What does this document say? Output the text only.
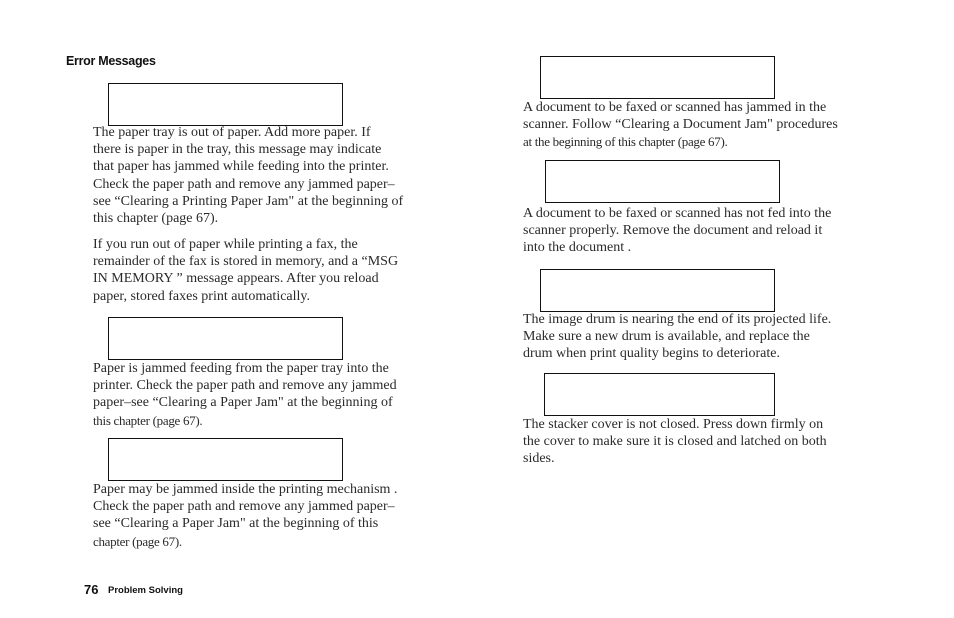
Error Messages
The paper tray is out of paper. Add more paper. If
there is paper in the tray, this message may indicate
that paper has jammed while feeding into the printer.
Check the paper path and remove any jammed paper–
see “Clearing a Printing Paper Jam" at the beginning of
this chapter (page 67).
If you run out of paper while printing a fax, the
remainder of the fax is stored in memory, and a “MSG
IN MEMORY ” message appears. After you reload
paper, stored faxes print automatically.
Paper is jammed feeding from the paper tray into the
printer. Check the paper path and remove any jammed
paper–see “Clearing a Paper Jam" at the beginning of
this chapter (page 67).
Paper may be jammed inside the printing mechanism .
Check the paper path and remove any jammed paper–
see “Clearing a Paper Jam" at the beginning of this
chapter (page 67).
A document to be faxed or scanned has jammed in the
scanner. Follow “Clearing a Document Jam" procedures
at the beginning of this chapter (page 67).
A document to be faxed or scanned has not fed into the
scanner properly. Remove the document and reload it
into the document .
The image drum is nearing the end of its projected life.
Make sure a new drum is available, and replace the
drum when print quality begins to deteriorate.
The stacker cover is not closed. Press down firmly on
the cover to make sure it is closed and latched on both
sides.
76 Problem Solving
